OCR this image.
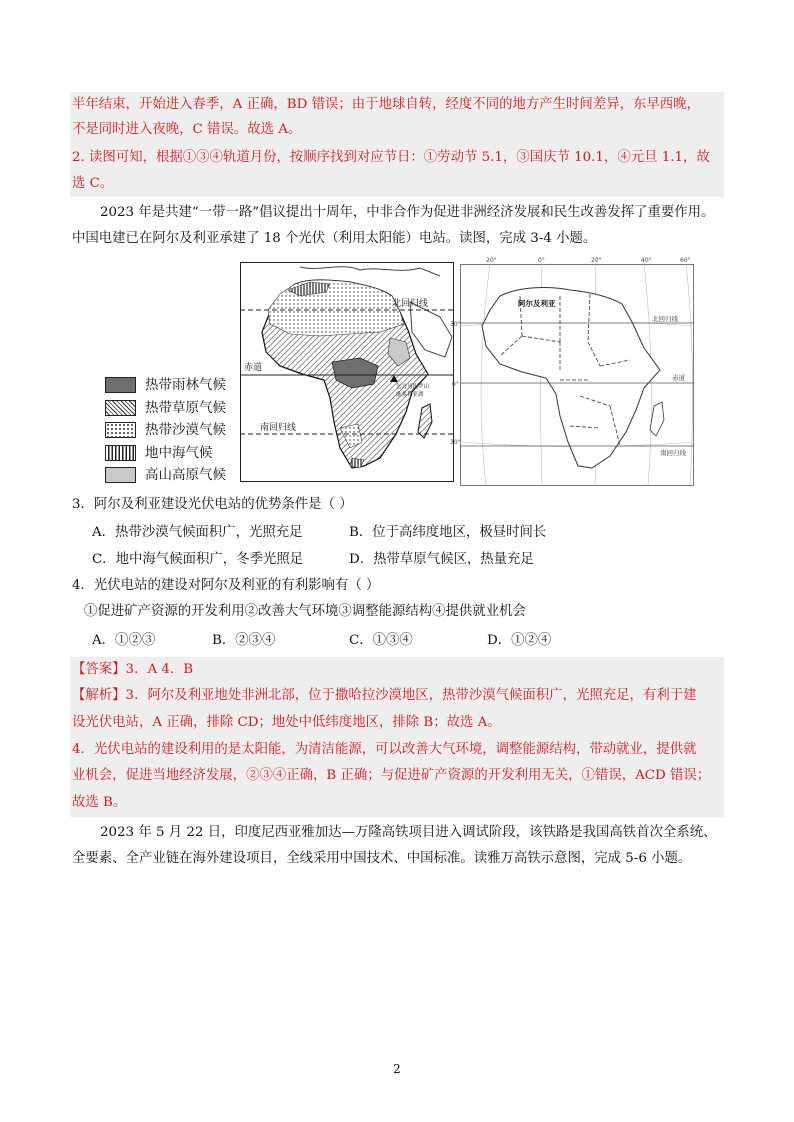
半年结束，开始进入春季，A 正确，BD 错误；由于地球自转，经度不同的地方产生时间差异，东早西晚，
不是同时进入夜晚，C 错误。故选 A。
2. 读图可知，根据①③④轨道月份，按顺序找到对应节日：①劳动节 5.1，③国庆节 10.1，④元旦 1.1，故
选 C。
2023 年是共建“一带一路”倡议提出十周年，中非合作为促进非洲经济发展和民生改善发挥了重要作用。
中国电建已在阿尔及利亚承建了 18 个光伏（利用太阳能）电站。读图，完成 3-4 小题。
北回归线
赤道
南回归线
乞力马扎罗山
维多利亚湖
热带雨林气候
热带草原气候
热带沙漠气候
地中海气候
高山高原气候
20°	0°	20°	40°	60°
30°
0°
30°
阿尔及利亚
北回归线
赤道
南回归线
3．阿尔及利亚建设光伏电站的优势条件是（ ）
A．热带沙漠气候面积广，光照充足	B．位于高纬度地区，极昼时间长
C．地中海气候面积广，冬季光照足	D．热带草原气候区，热量充足
4．光伏电站的建设对阿尔及利亚的有利影响有（ ）
①促进矿产资源的开发利用②改善大气环境③调整能源结构④提供就业机会
A．①②③	B．②③④	C．①③④	D．①②④
【答案】3．A 4．B
【解析】3．阿尔及利亚地处非洲北部，位于撒哈拉沙漠地区，热带沙漠气候面积广，光照充足，有利于建
设光伏电站，A 正确，排除 CD；地处中低纬度地区，排除 B；故选 A。
4．光伏电站的建设利用的是太阳能，为清洁能源，可以改善大气环境，调整能源结构，带动就业，提供就
业机会，促进当地经济发展，②③④正确，B 正确；与促进矿产资源的开发利用无关，①错误，ACD 错误；
故选 B。
2023 年 5 月 22 日，印度尼西亚雅加达—万隆高铁项目进入调试阶段，该铁路是我国高铁首次全系统、
全要素、全产业链在海外建设项目，全线采用中国技术、中国标准。读雅万高铁示意图，完成 5-6 小题。
2
